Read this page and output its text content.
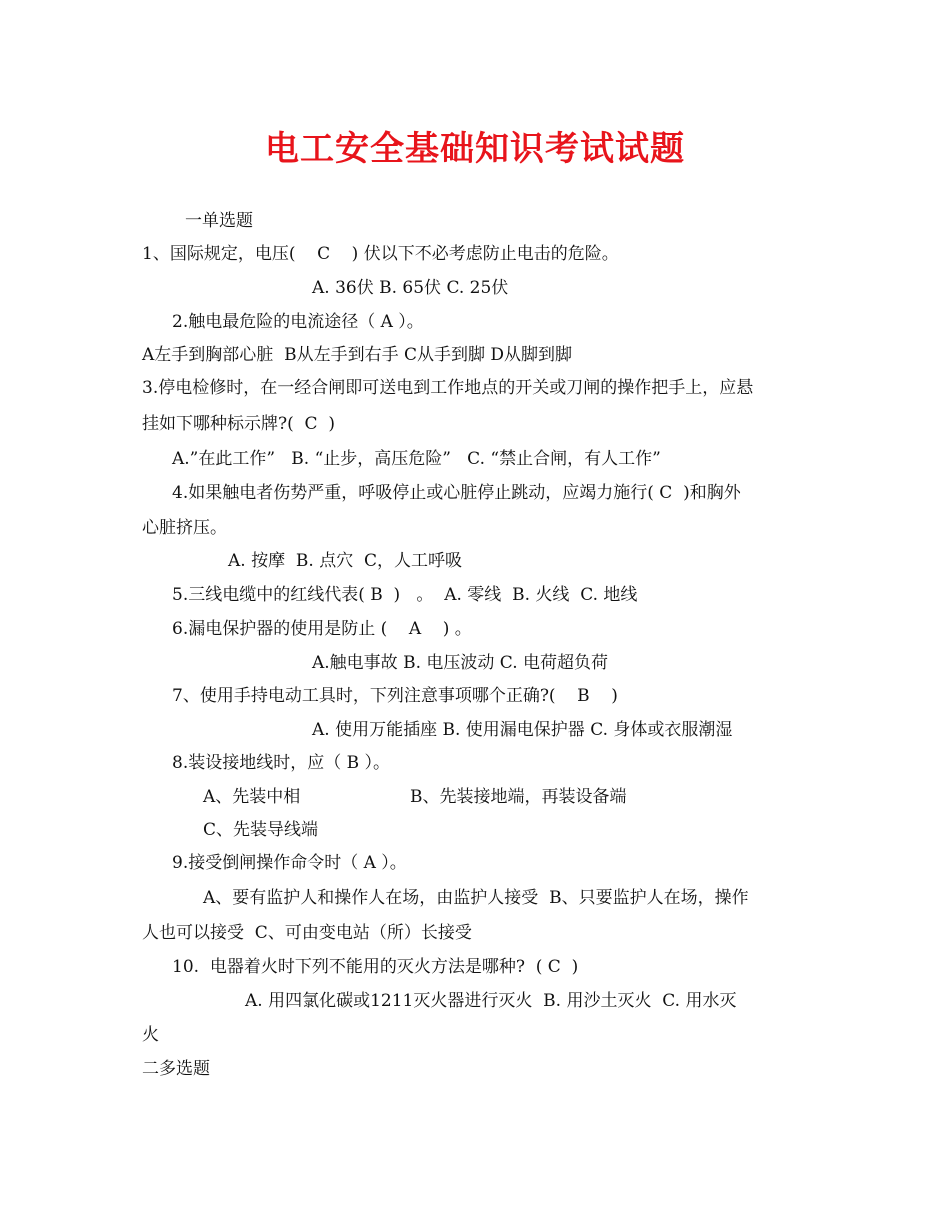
电工安全基础知识考试试题

一单选题

1、国际规定，电压(    C    ) 伏以下不必考虑防止电击的危险。

A. 36伏 B. 65伏 C. 25伏

2.触电最危险的电流途径（ A ）。

A左手到胸部心脏  B从左手到右手 C从手到脚 D从脚到脚

3.停电检修时，在一经合闸即可送电到工作地点的开关或刀闸的操作把手上，应悬

挂如下哪种标示牌?(  C  )

A.”在此工作”   B. “止步，高压危险”   C. “禁止合闸，有人工作”

4.如果触电者伤势严重，呼吸停止或心脏停止跳动，应竭力施行( C  )和胸外

心脏挤压。

A. 按摩  B. 点穴  C，人工呼吸

5.三线电缆中的红线代表( B  )   。  A. 零线  B. 火线  C. 地线

6.漏电保护器的使用是防止 (    A    ) 。

A.触电事故 B. 电压波动 C. 电荷超负荷

7、使用手持电动工具时，下列注意事项哪个正确?(    B    )

A. 使用万能插座 B. 使用漏电保护器 C. 身体或衣服潮湿

8.装设接地线时，应（ B ）。

A、先装中相	B、先装接地端，再装设备端

C、先装导线端

9.接受倒闸操作命令时（ A ）。

A、要有监护人和操作人在场，由监护人接受  B、只要监护人在场，操作

人也可以接受  C、可由变电站（所）长接受

10.  电器着火时下列不能用的灭火方法是哪种?  ( C  )

A. 用四氯化碳或1211灭火器进行灭火  B. 用沙土灭火  C. 用水灭

火

二多选题
